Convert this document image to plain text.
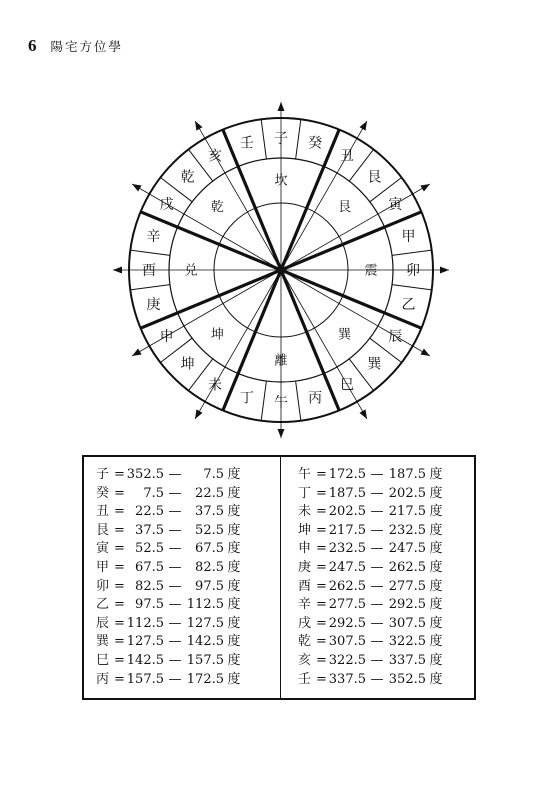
6 陽宅方位學
子 癸
丑
艮
寅
甲
卯
乙
辰
巽
巳
丙
午
丁
未
坤
申
庚
酉
辛
戌
乾
亥
壬
坎
艮
震
巽
離
坤
兑
乾
子 = 352.5 — 7.5 度
癸 = 7.5 — 22.5 度
丑 = 22.5 — 37.5 度
艮 = 37.5 — 52.5 度
寅 = 52.5 — 67.5 度
甲 = 67.5 — 82.5 度
卯 = 82.5 — 97.5 度
乙 = 97.5 — 112.5 度
辰 = 112.5 — 127.5 度
巽 = 127.5 — 142.5 度
巳 = 142.5 — 157.5 度
丙 = 157.5 — 172.5 度
午 = 172.5 — 187.5 度
丁 = 187.5 — 202.5 度
未 = 202.5 — 217.5 度
坤 = 217.5 — 232.5 度
申 = 232.5 — 247.5 度
庚 = 247.5 — 262.5 度
酉 = 262.5 — 277.5 度
辛 = 277.5 — 292.5 度
戌 = 292.5 — 307.5 度
乾 = 307.5 — 322.5 度
亥 = 322.5 — 337.5 度
壬 = 337.5 — 352.5 度
